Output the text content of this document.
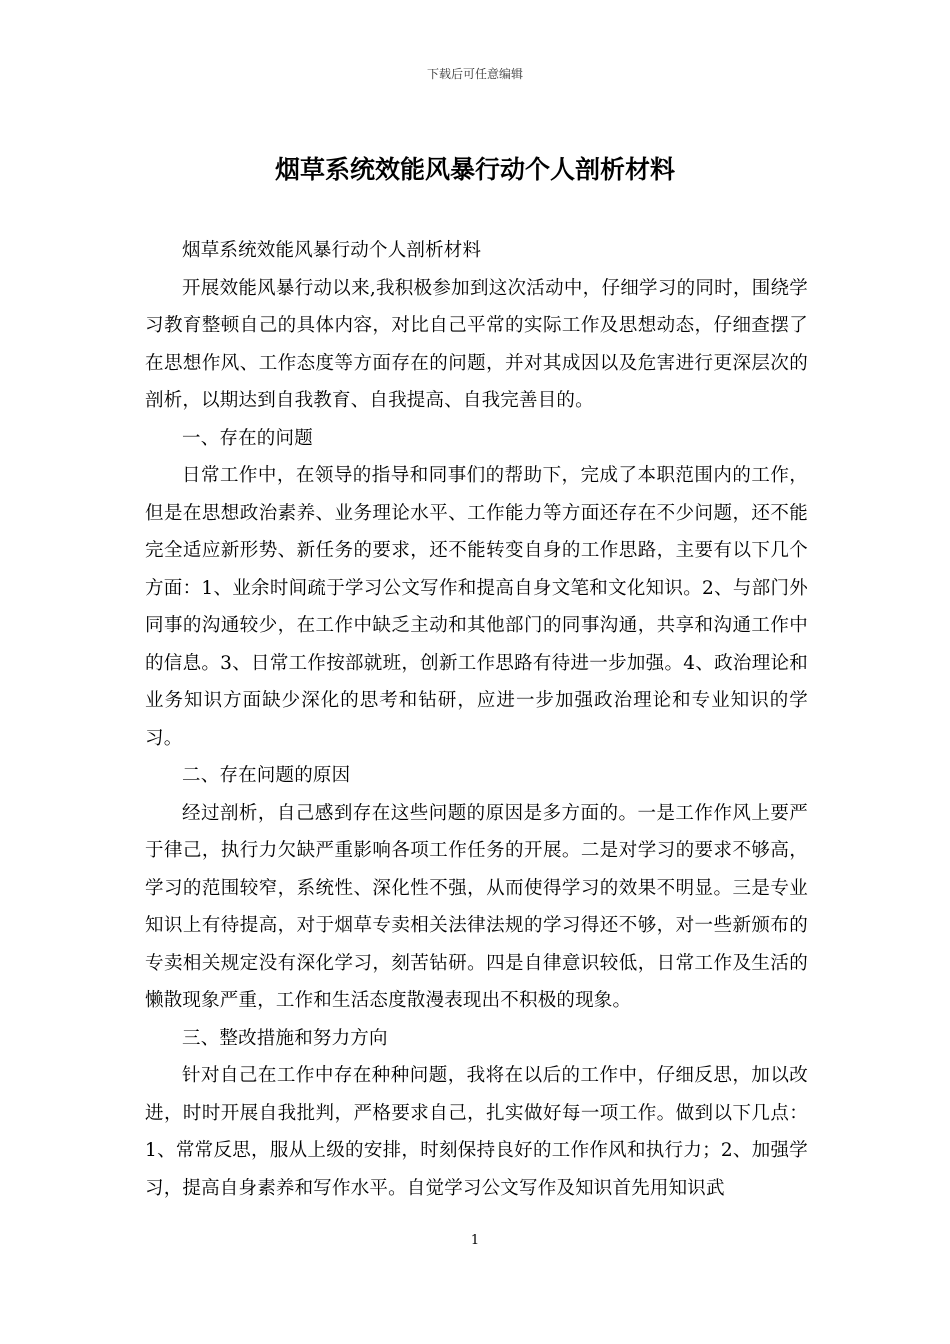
下载后可任意编辑
烟草系统效能风暴行动个人剖析材料

烟草系统效能风暴行动个人剖析材料

开展效能风暴行动以来,我积极参加到这次活动中，仔细学习的同时，围绕学习教育整顿自己的具体内容，对比自己平常的实际工作及思想动态，仔细查摆了在思想作风、工作态度等方面存在的问题，并对其成因以及危害进行更深层次的剖析，以期达到自我教育、自我提高、自我完善目的。

一、存在的问题

日常工作中，在领导的指导和同事们的帮助下，完成了本职范围内的工作，但是在思想政治素养、业务理论水平、工作能力等方面还存在不少问题，还不能完全适应新形势、新任务的要求，还不能转变自身的工作思路，主要有以下几个方面：1、业余时间疏于学习公文写作和提高自身文笔和文化知识。2、与部门外同事的沟通较少，在工作中缺乏主动和其他部门的同事沟通，共享和沟通工作中的信息。3、日常工作按部就班，创新工作思路有待进一步加强。4、政治理论和业务知识方面缺少深化的思考和钻研，应进一步加强政治理论和专业知识的学习。

二、存在问题的原因

经过剖析，自己感到存在这些问题的原因是多方面的。一是工作作风上要严于律己，执行力欠缺严重影响各项工作任务的开展。二是对学习的要求不够高，学习的范围较窄，系统性、深化性不强，从而使得学习的效果不明显。三是专业知识上有待提高，对于烟草专卖相关法律法规的学习得还不够，对一些新颁布的专卖相关规定没有深化学习，刻苦钻研。四是自律意识较低，日常工作及生活的懒散现象严重，工作和生活态度散漫表现出不积极的现象。

三、整改措施和努力方向

针对自己在工作中存在种种问题，我将在以后的工作中，仔细反思，加以改进，时时开展自我批判，严格要求自己，扎实做好每一项工作。做到以下几点：1、常常反思，服从上级的安排，时刻保持良好的工作作风和执行力；2、加强学习，提高自身素养和写作水平。自觉学习公文写作及知识首先用知识武

1
